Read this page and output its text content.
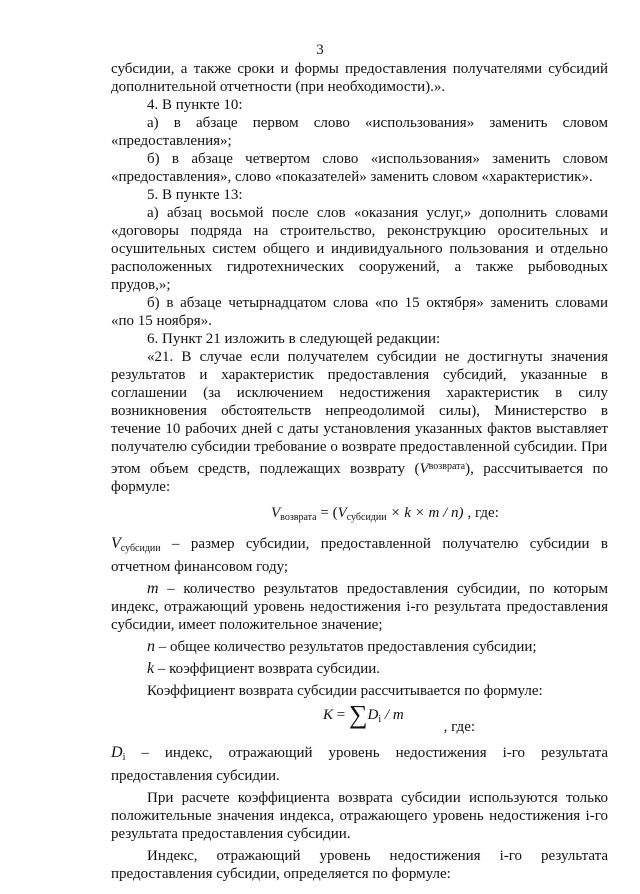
3

субсидии, а также сроки и формы предоставления получателями субсидий дополнительной отчетности (при необходимости).».

4. В пункте 10:

а) в абзаце первом слово «использования» заменить словом «предоставления»;

б) в абзаце четвертом слово «использования» заменить словом «предоставления», слово «показателей» заменить словом «характеристик».

5. В пункте 13:

а) абзац восьмой после слов «оказания услуг,» дополнить словами «договоры подряда на строительство, реконструкцию оросительных и осушительных систем общего и индивидуального пользования и отдельно расположенных гидротехнических сооружений, а также рыбоводных прудов,»;

б) в абзаце четырнадцатом слова «по 15 октября» заменить словами «по 15 ноября».

6. Пункт 21 изложить в следующей редакции:

«21. В случае если получателем субсидии не достигнуты значения результатов и характеристик предоставления субсидий, указанные в соглашении (за исключением недостижения характеристик в силу возникновения обстоятельств непреодолимой силы), Министерство в течение 10 рабочих дней с даты установления указанных фактов выставляет получателю субсидии требование о возврате предоставленной субсидии. При

этом объем средств, подлежащих возврату $(V^{возврата})$, рассчитывается по формуле:

$V_{возврата} = (V_{субсидии} \times k \times m / n)$ , где:

$V_{субсидии}$ – размер субсидии, предоставленной получателю субсидии в отчетном финансовом году;

m – количество результатов предоставления субсидии, по которым индекс, отражающий уровень недостижения i-го результата предоставления субсидии, имеет положительное значение;

n – общее количество результатов предоставления субсидии;

k – коэффициент возврата субсидии.

Коэффициент возврата субсидии рассчитывается по формуле:

$K = \sum D_i / m$, где:

$D_i$ – индекс, отражающий уровень недостижения i-го результата предоставления субсидии.

При расчете коэффициента возврата субсидии используются только положительные значения индекса, отражающего уровень недостижения i-го результата предоставления субсидии.

Индекс, отражающий уровень недостижения i-го результата предоставления субсидии, определяется по формуле:
